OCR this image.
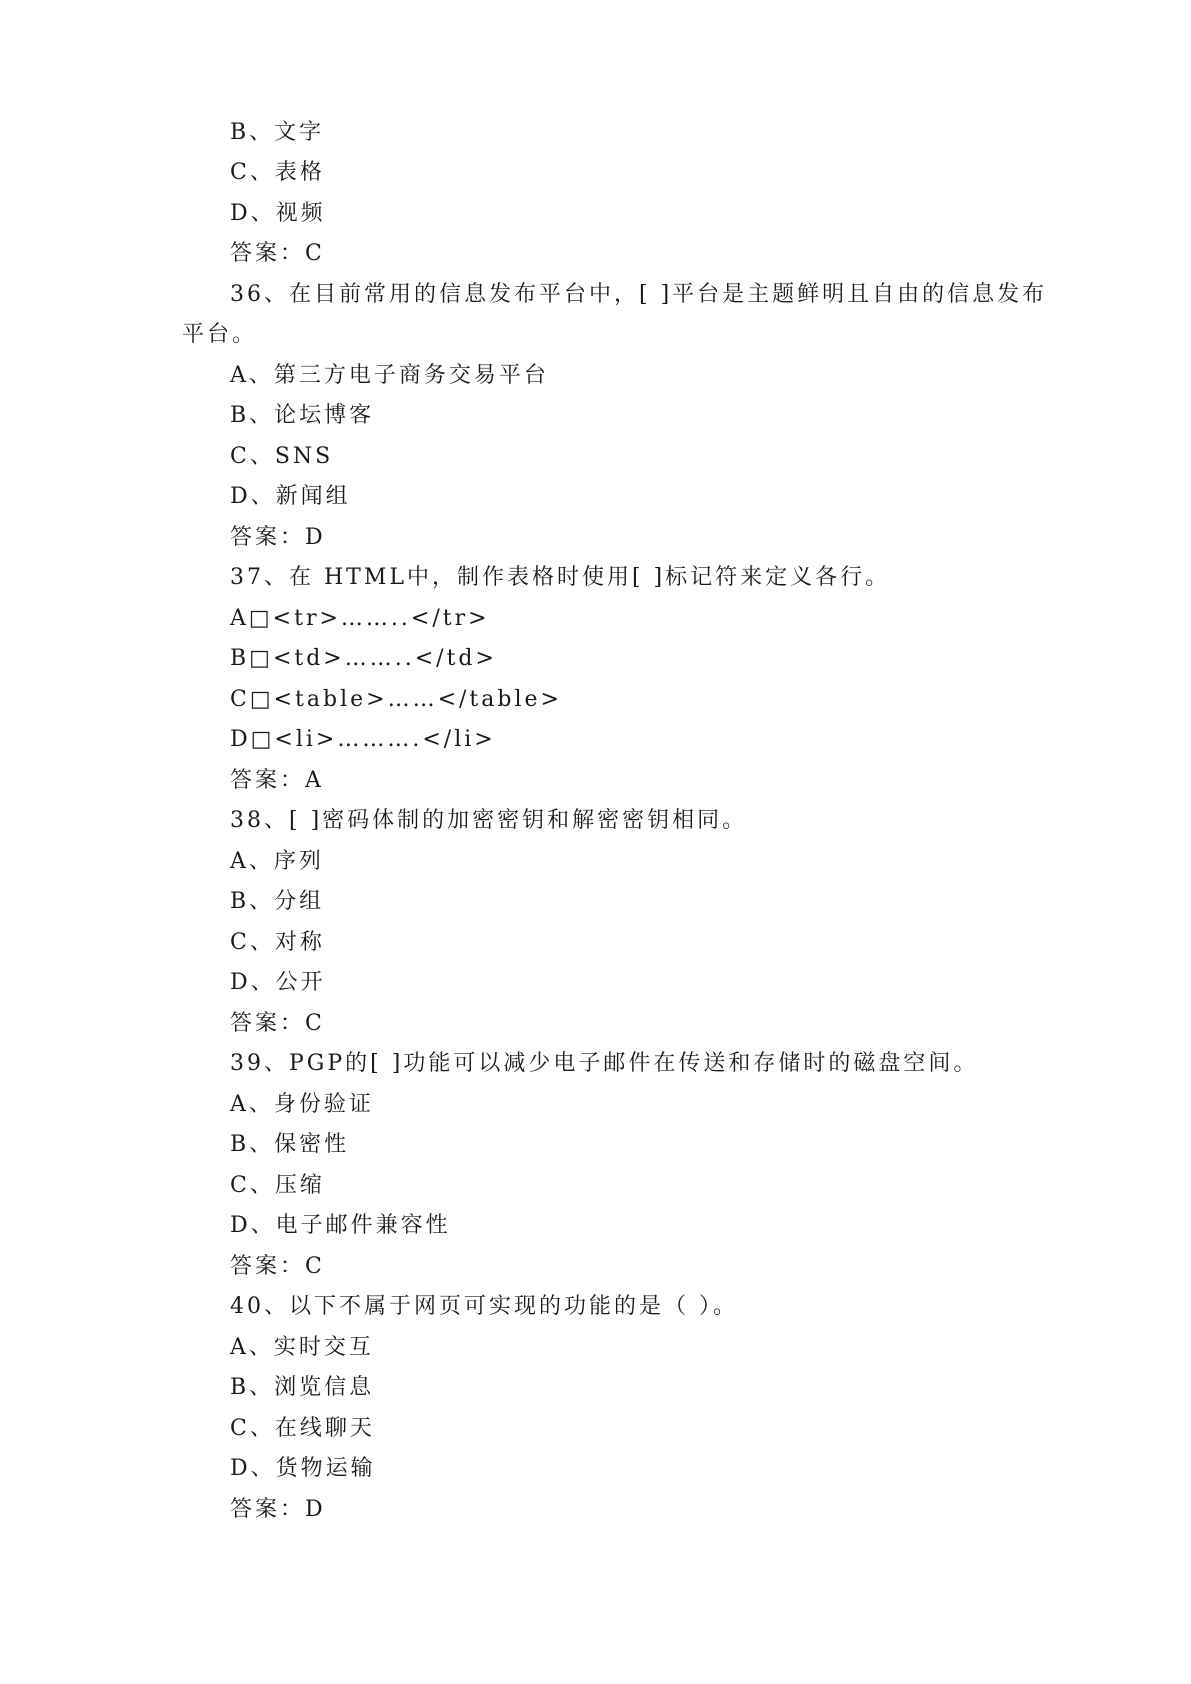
B、文字
C、表格
D、视频
答案：C
36、在目前常用的信息发布平台中，[ ]平台是主题鲜明且自由的信息发布
平台。
A、第三方电子商务交易平台
B、论坛博客
C、SNS
D、新闻组
答案：D
37、在 HTML中，制作表格时使用[ ]标记符来定义各行。
A□<tr>……..</tr>
B□<td>……..</td>
C□<table>……</table>
D□<li>……….</li>
答案：A
38、[ ]密码体制的加密密钥和解密密钥相同。
A、序列
B、分组
C、对称
D、公开
答案：C
39、PGP的[ ]功能可以减少电子邮件在传送和存储时的磁盘空间。
A、身份验证
B、保密性
C、压缩
D、电子邮件兼容性
答案：C
40、以下不属于网页可实现的功能的是（ ）。
A、实时交互
B、浏览信息
C、在线聊天
D、货物运输
答案：D
